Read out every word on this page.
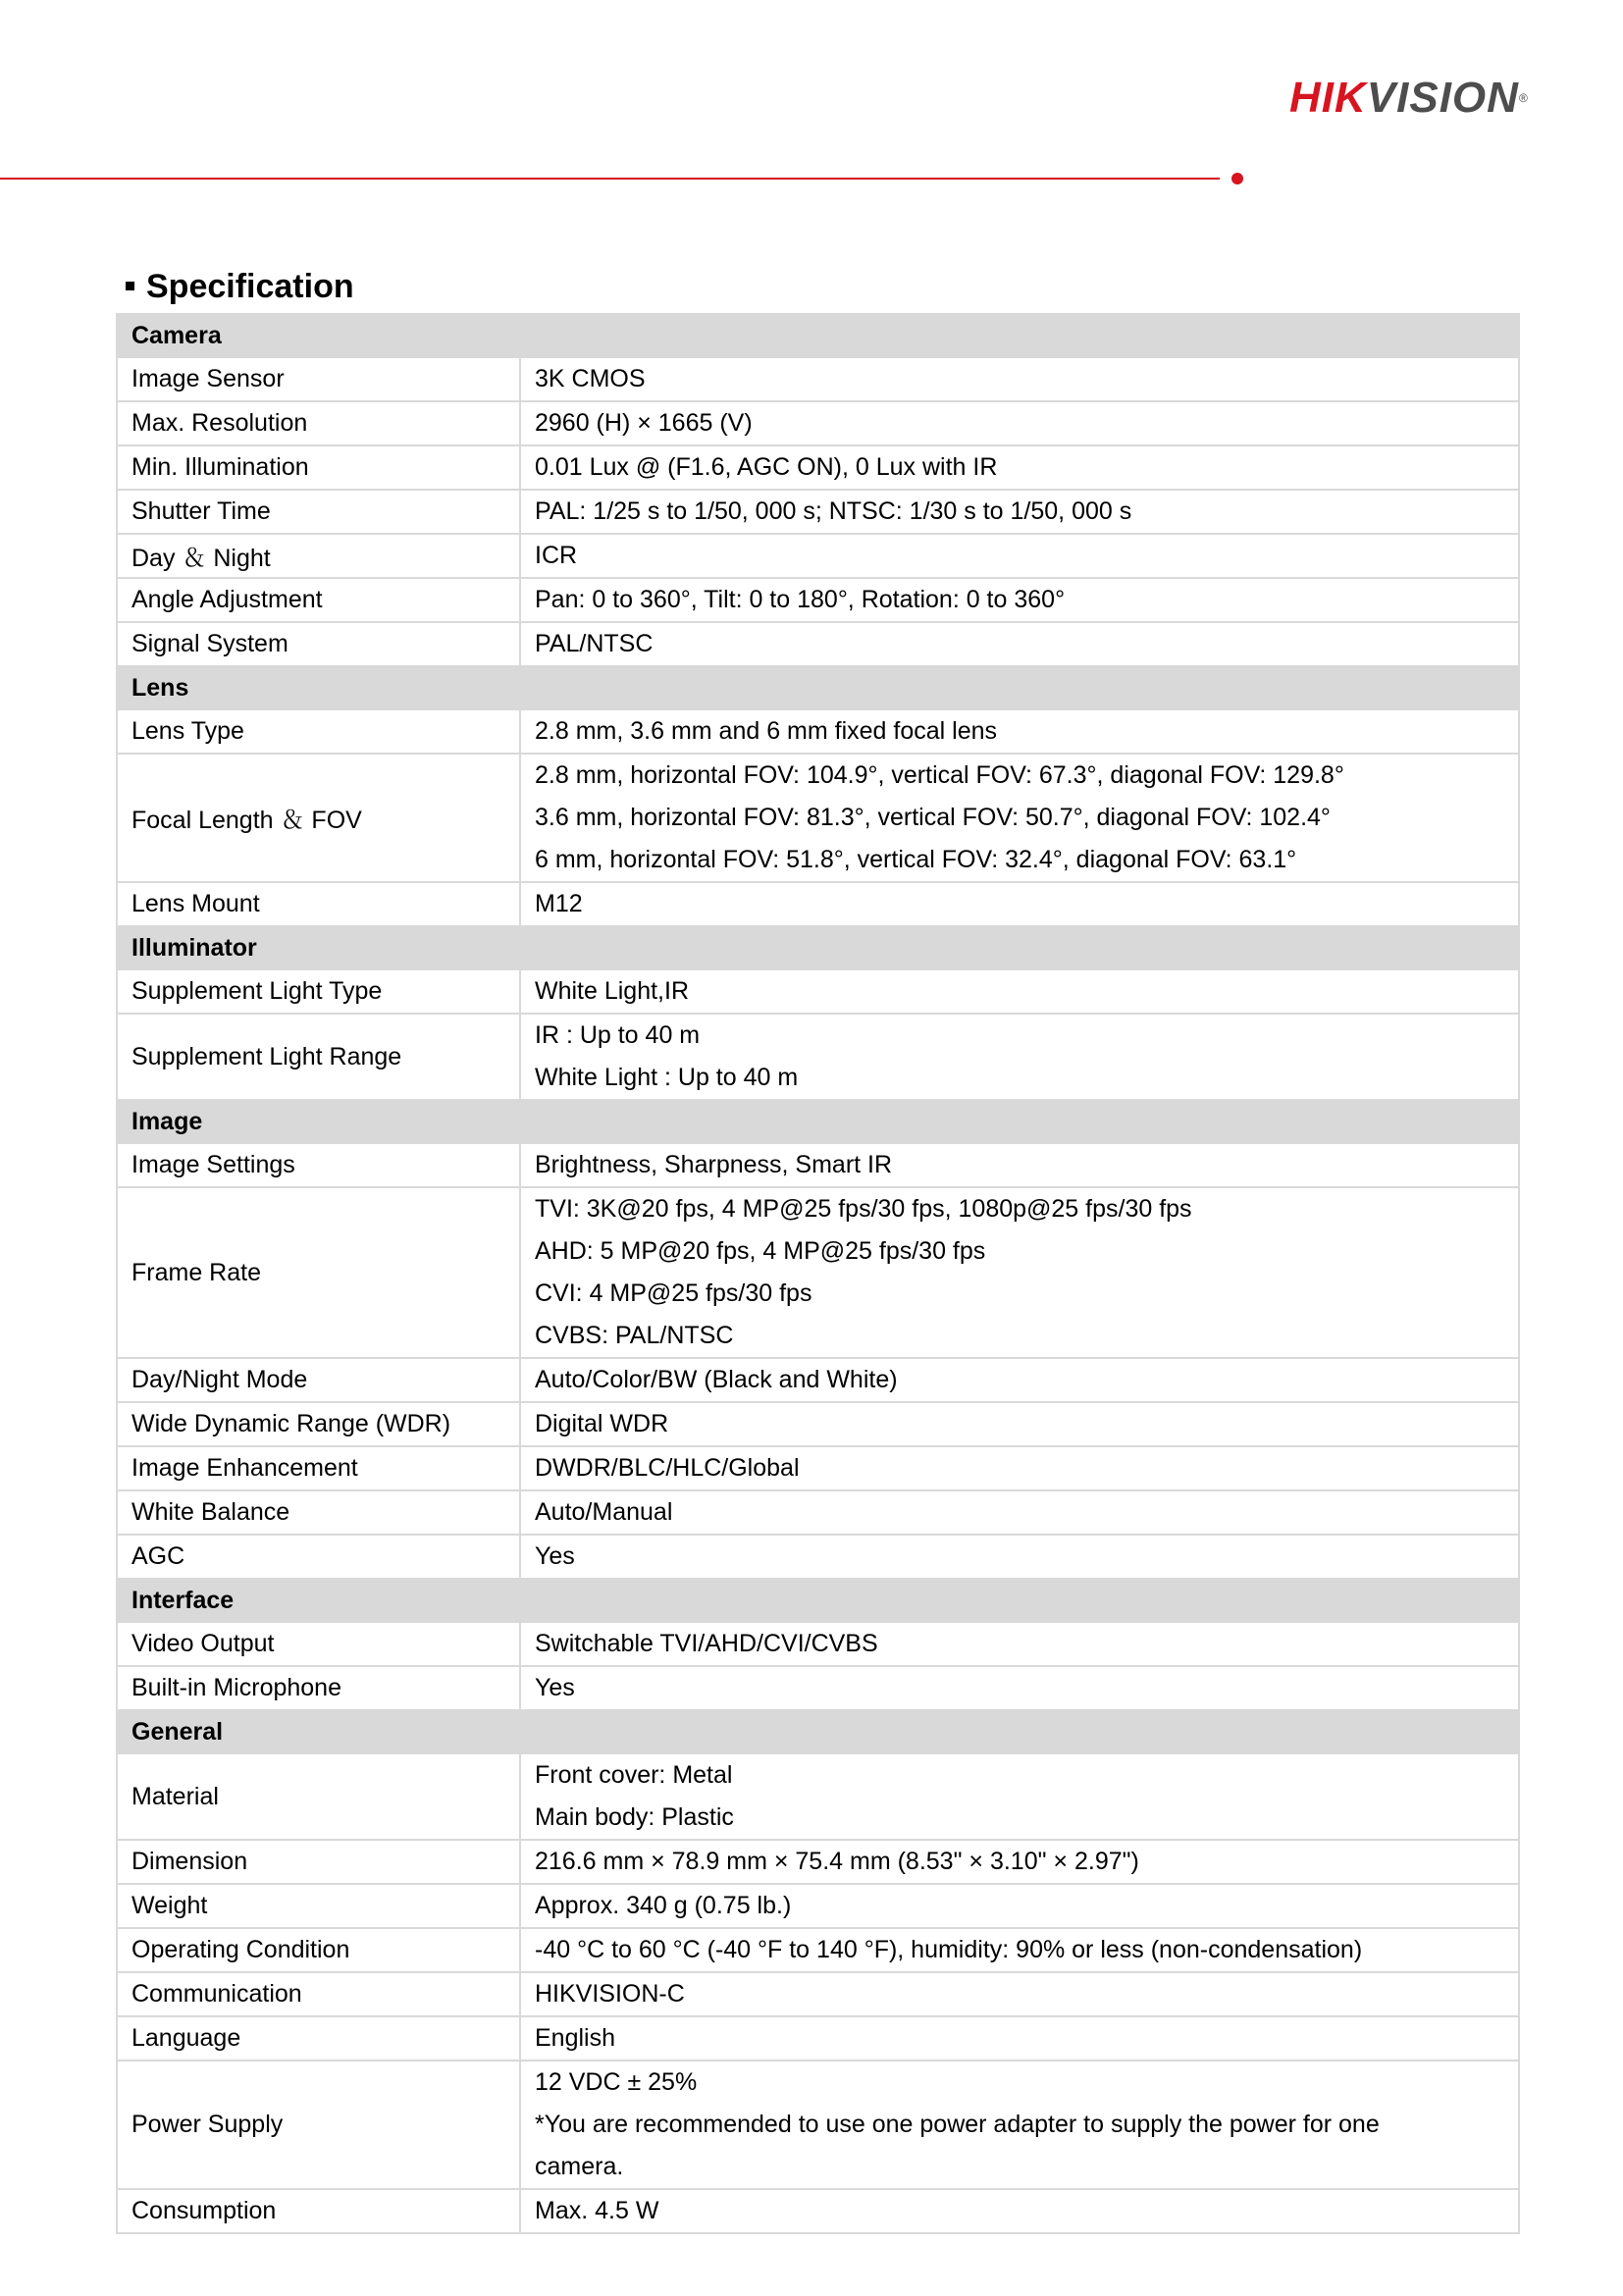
HIKVISION®
Specification
Camera	
Image Sensor	3K CMOS

Max. Resolution	2960 (H) × 1665 (V)

Min. Illumination	0.01 Lux @ (F1.6, AGC ON), 0 Lux with IR

Shutter Time	PAL: 1/25 s to 1/50, 000 s; NTSC: 1/30 s to 1/50, 000 s

Day ＆ Night	ICR

Angle Adjustment	Pan: 0 to 360°, Tilt: 0 to 180°, Rotation: 0 to 360°

Signal System	PAL/NTSC

Lens	
Lens Type	2.8 mm, 3.6 mm and 6 mm fixed focal lens

Focal Length ＆ FOV	2.8 mm, horizontal FOV: 104.9°, vertical FOV: 67.3°, diagonal FOV: 129.8°
3.6 mm, horizontal FOV: 81.3°, vertical FOV: 50.7°, diagonal FOV: 102.4°
6 mm, horizontal FOV: 51.8°, vertical FOV: 32.4°, diagonal FOV: 63.1°

Lens Mount	M12

Illuminator	
Supplement Light Type	White Light,IR

Supplement Light Range	IR : Up to 40 m
White Light : Up to 40 m

Image	
Image Settings	Brightness, Sharpness, Smart IR

Frame Rate	TVI: 3K@20 fps, 4 MP@25 fps/30 fps, 1080p@25 fps/30 fps
AHD: 5 MP@20 fps, 4 MP@25 fps/30 fps
CVI: 4 MP@25 fps/30 fps
CVBS: PAL/NTSC

Day/Night Mode	Auto/Color/BW (Black and White)

Wide Dynamic Range (WDR)	Digital WDR

Image Enhancement	DWDR/BLC/HLC/Global

White Balance	Auto/Manual

AGC	Yes

Interface	
Video Output	Switchable TVI/AHD/CVI/CVBS

Built-in Microphone	Yes

General	
Material	Front cover: Metal
Main body: Plastic

Dimension	216.6 mm × 78.9 mm × 75.4 mm (8.53" × 3.10" × 2.97")

Weight	Approx. 340 g (0.75 lb.)

Operating Condition	-40 °C to 60 °C (-40 °F to 140 °F), humidity: 90% or less (non-condensation)

Communication	HIKVISION-C

Language	English

Power Supply	12 VDC ± 25%
*You are recommended to use one power adapter to supply the power for one
camera.

Consumption	Max. 4.5 W
